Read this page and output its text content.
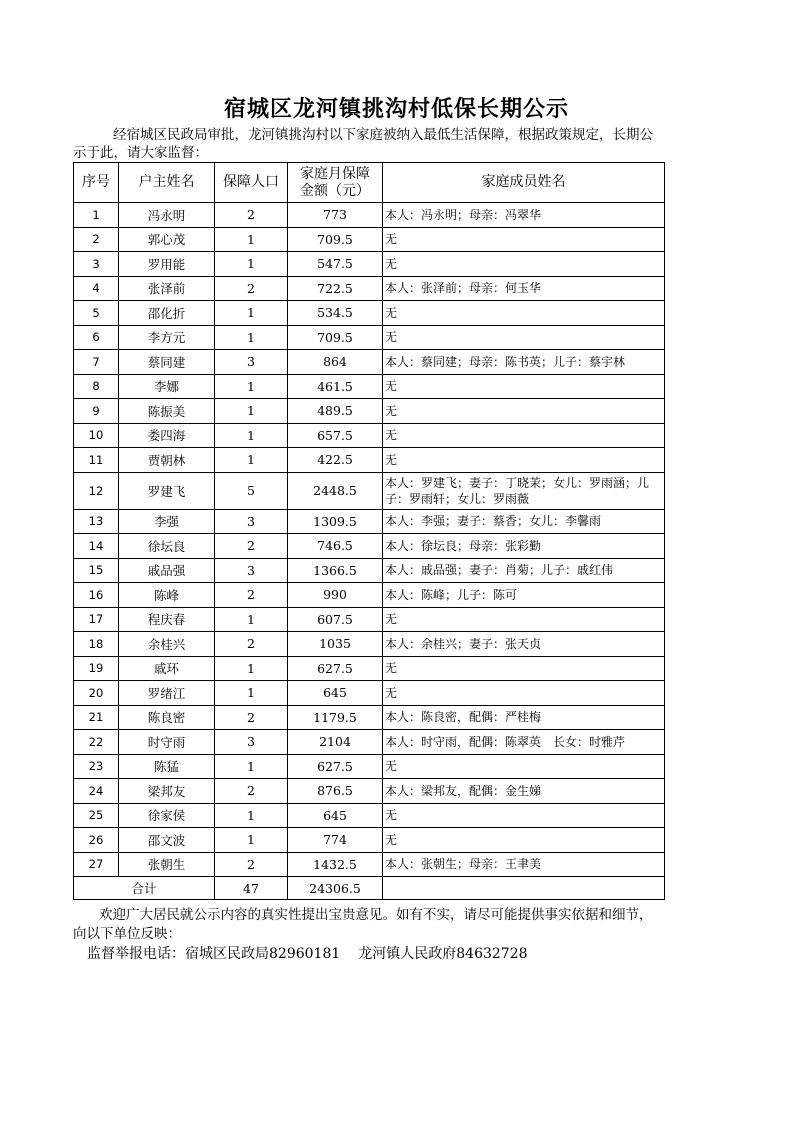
宿城区龙河镇挑沟村低保长期公示
经宿城区民政局审批，龙河镇挑沟村以下家庭被纳入最低生活保障，根据政策规定，长期公示于此，请大家监督：
序号	户主姓名	保障人口	家庭月保障
金额（元）	家庭成员姓名
1	冯永明	2	773	本人：冯永明；母亲：冯翠华
2	郭心茂	1	709.5	无
3	罗用能	1	547.5	无
4	张泽前	2	722.5	本人：张泽前；母亲：何玉华
5	邵化折	1	534.5	无
6	李方元	1	709.5	无
7	蔡同建	3	864	本人：蔡同建；母亲：陈书英；儿子：蔡宇林
8	李娜	1	461.5	无
9	陈振美	1	489.5	无
10	娄四海	1	657.5	无
11	贾朝林	1	422.5	无
12	罗建飞	5	2448.5	本人：罗建飞；妻子：丁晓茉；女儿：罗雨涵；儿子：罗雨轩；女儿：罗雨薇
13	李强	3	1309.5	本人：李强；妻子：蔡香；女儿：李馨雨
14	徐坛良	2	746.5	本人：徐坛良；母亲：张彩勤
15	戚品强	3	1366.5	本人：戚品强；妻子：肖菊；儿子：戚红伟
16	陈峰	2	990	本人：陈峰；儿子：陈可
17	程庆春	1	607.5	无
18	余桂兴	2	1035	本人：余桂兴；妻子：张天贞
19	戚环	1	627.5	无
20	罗绪江	1	645	无
21	陈良密	2	1179.5	本人：陈良密，配偶：严桂梅
22	时守雨	3	2104	本人：时守雨，配偶：陈翠英　长女：时雅芹
23	陈猛	1	627.5	无
24	梁邦友	2	876.5	本人：梁邦友，配偶：金生娣
25	徐家侯	1	645	无
26	邵文波	1	774	无
27	张朝生	2	1432.5	本人：张朝生；母亲：王聿美
合计		47	24306.5	

欢迎广大居民就公示内容的真实性提出宝贵意见。如有不实，请尽可能提供事实依据和细节，向以下单位反映：

监督举报电话：宿城区民政局82960181 龙河镇人民政府84632728
